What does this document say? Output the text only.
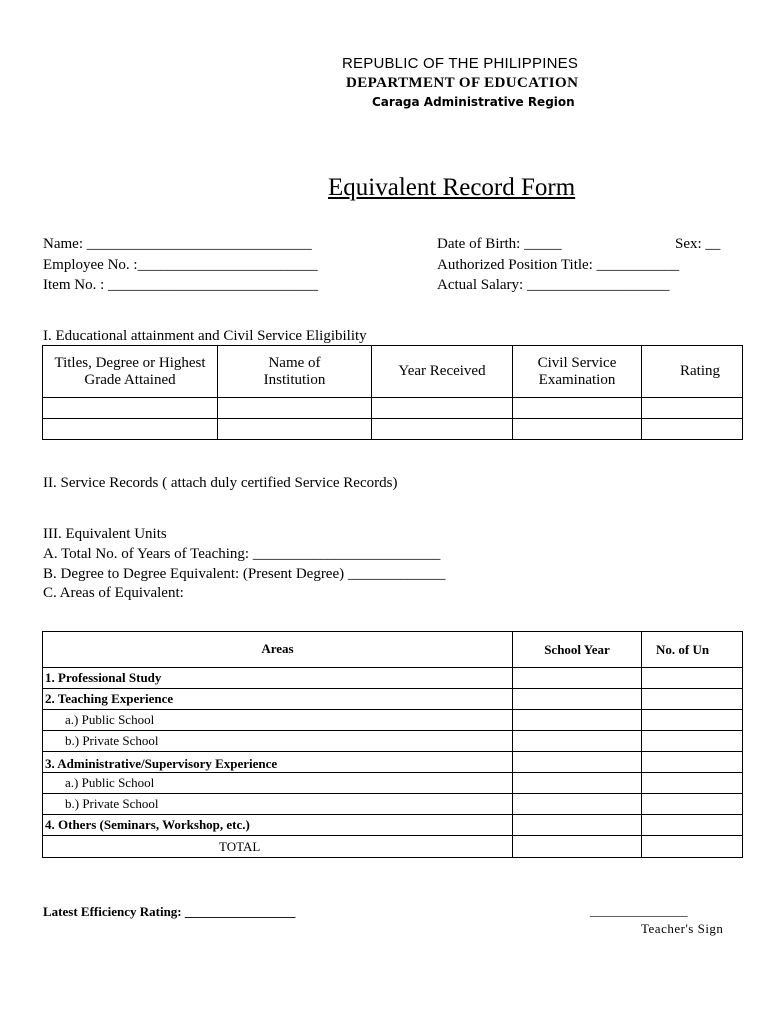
REPUBLIC OF THE PHILIPPINES
DEPARTMENT OF EDUCATION
Caraga Administrative Region
Equivalent Record Form
Name: ______________________________	Date of Birth: _____	Sex: __
Employee No. :________________________	Authorized Position Title: ___________
Item No. : ____________________________	Actual Salary: ___________________
I. Educational attainment and Civil Service Eligibility
Titles, Degree or Highest Grade Attained	Name of Institution	Year Received	Civil Service Examination	Rating

II. Service Records ( attach duly certified Service Records)
III. Equivalent Units
A. Total No. of Years of Teaching: _________________________
B. Degree to Degree Equivalent: (Present Degree) _____________
C. Areas of Equivalent:
Areas	School Year	No. of Un
1. Professional Study		
2. Teaching Experience		
a.) Public School		
b.) Private School		
3. Administrative/Supervisory Experience		
a.) Public School		
b.) Private School		
4. Others (Seminars, Workshop, etc.)		
TOTAL		
Latest Efficiency Rating: _________________	_______________
Teacher's Sign
